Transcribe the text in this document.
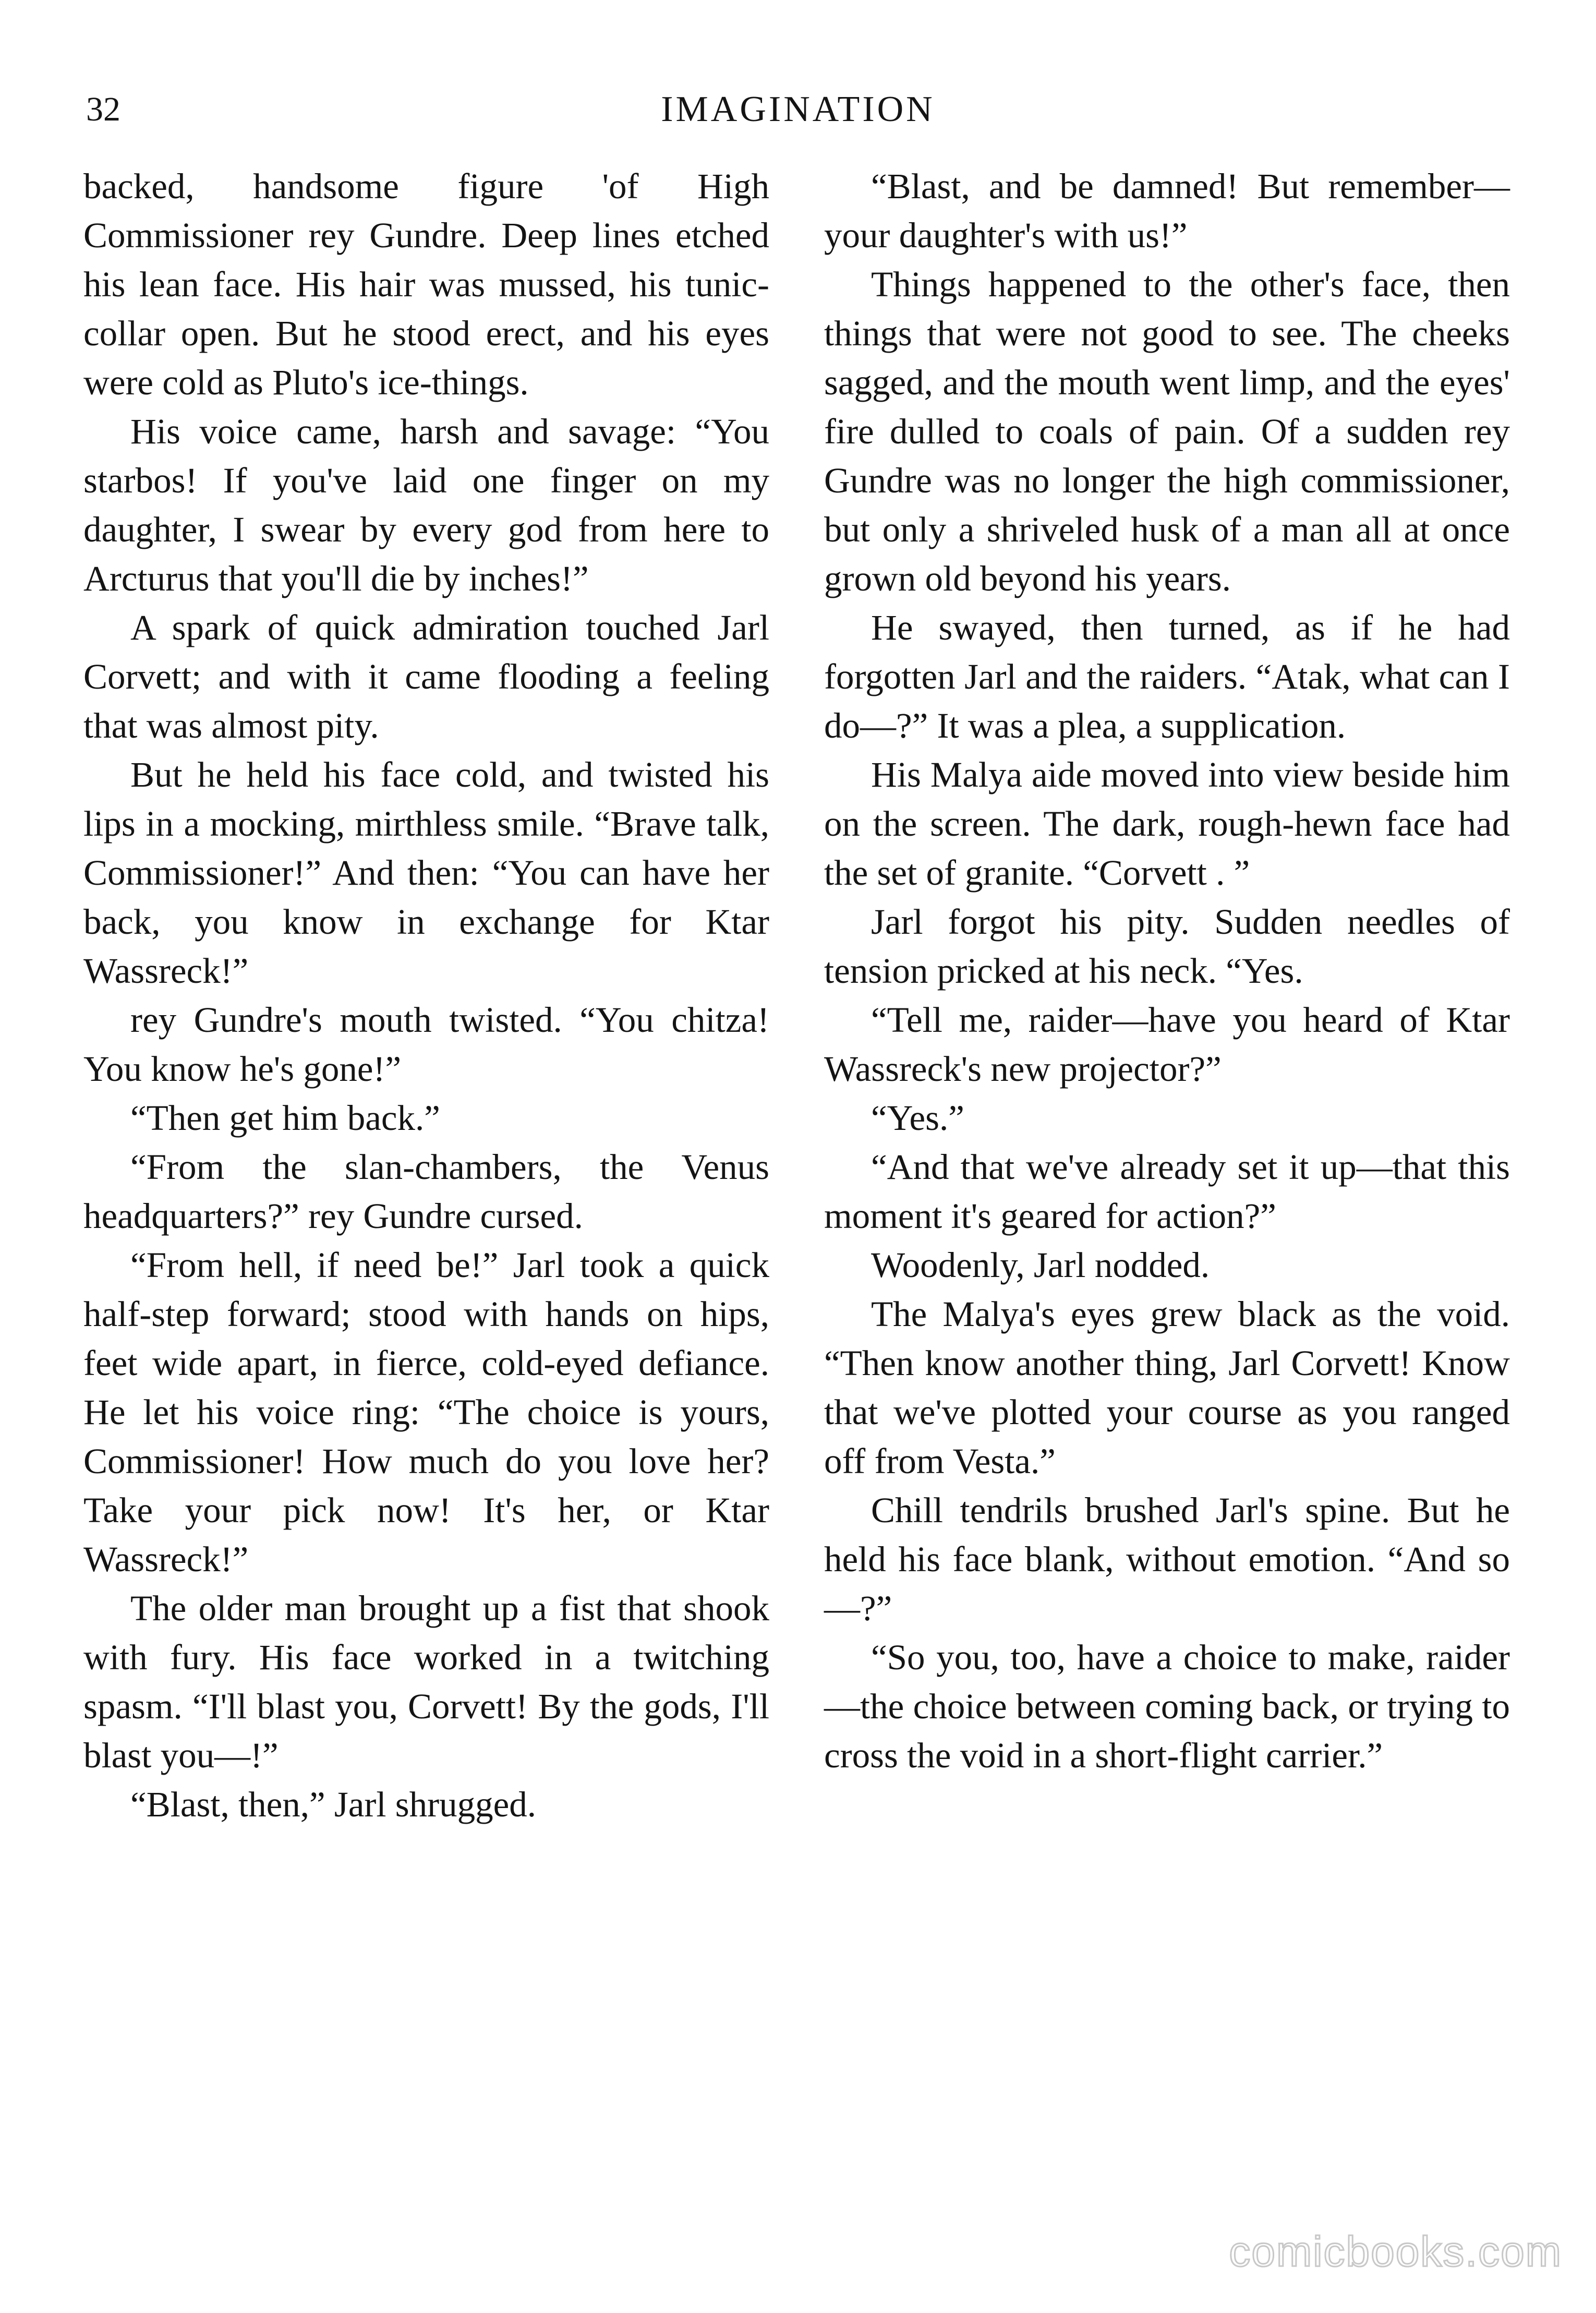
32	IMAGINATION

backed, handsome figure 'of High Commissioner rey Gundre. Deep lines etched his lean face. His hair was mussed, his tunic-collar open. But he stood erect, and his eyes were cold as Pluto's ice-things.

His voice came, harsh and savage: “You starbos! If you've laid one finger on my daughter, I swear by every god from here to Arcturus that you'll die by inches!”

A spark of quick admiration touched Jarl Corvett; and with it came flooding a feeling that was almost pity.

But he held his face cold, and twisted his lips in a mocking, mirthless smile. “Brave talk, Commissioner!” And then: “You can have her back, you know in exchange for Ktar Wassreck!”

rey Gundre's mouth twisted. “You chitza! You know he's gone!”

“Then get him back.”

“From the slan-chambers, the Venus headquarters?” rey Gundre cursed.

“From hell, if need be!” Jarl took a quick half-step forward; stood with hands on hips, feet wide apart, in fierce, cold-eyed defiance. He let his voice ring: “The choice is yours, Commissioner! How much do you love her? Take your pick now! It's her, or Ktar Wassreck!”

The older man brought up a fist that shook with fury. His face worked in a twitching spasm. “I'll blast you, Corvett! By the gods, I'll blast you—!”

“Blast, then,” Jarl shrugged.

“Blast, and be damned! But remember—your daughter's with us!”

Things happened to the other's face, then things that were not good to see. The cheeks sagged, and the mouth went limp, and the eyes' fire dulled to coals of pain. Of a sudden rey Gundre was no longer the high commissioner, but only a shriveled husk of a man all at once grown old beyond his years.

He swayed, then turned, as if he had forgotten Jarl and the raiders. “Atak, what can I do—?” It was a plea, a supplication.

His Malya aide moved into view beside him on the screen. The dark, rough-hewn face had the set of granite. “Corvett . ”

Jarl forgot his pity. Sudden needles of tension pricked at his neck. “Yes.

“Tell me, raider—have you heard of Ktar Wassreck's new projector?”

“Yes.”

“And that we've already set it up—that this moment it's geared for action?”

Woodenly, Jarl nodded.

The Malya's eyes grew black as the void. “Then know another thing, Jarl Corvett! Know that we've plotted your course as you ranged off from Vesta.”

Chill tendrils brushed Jarl's spine. But he held his face blank, without emotion. “And so—?”

“So you, too, have a choice to make, raider—the choice between coming back, or trying to cross the void in a short-flight carrier.”

comicbooks.com
